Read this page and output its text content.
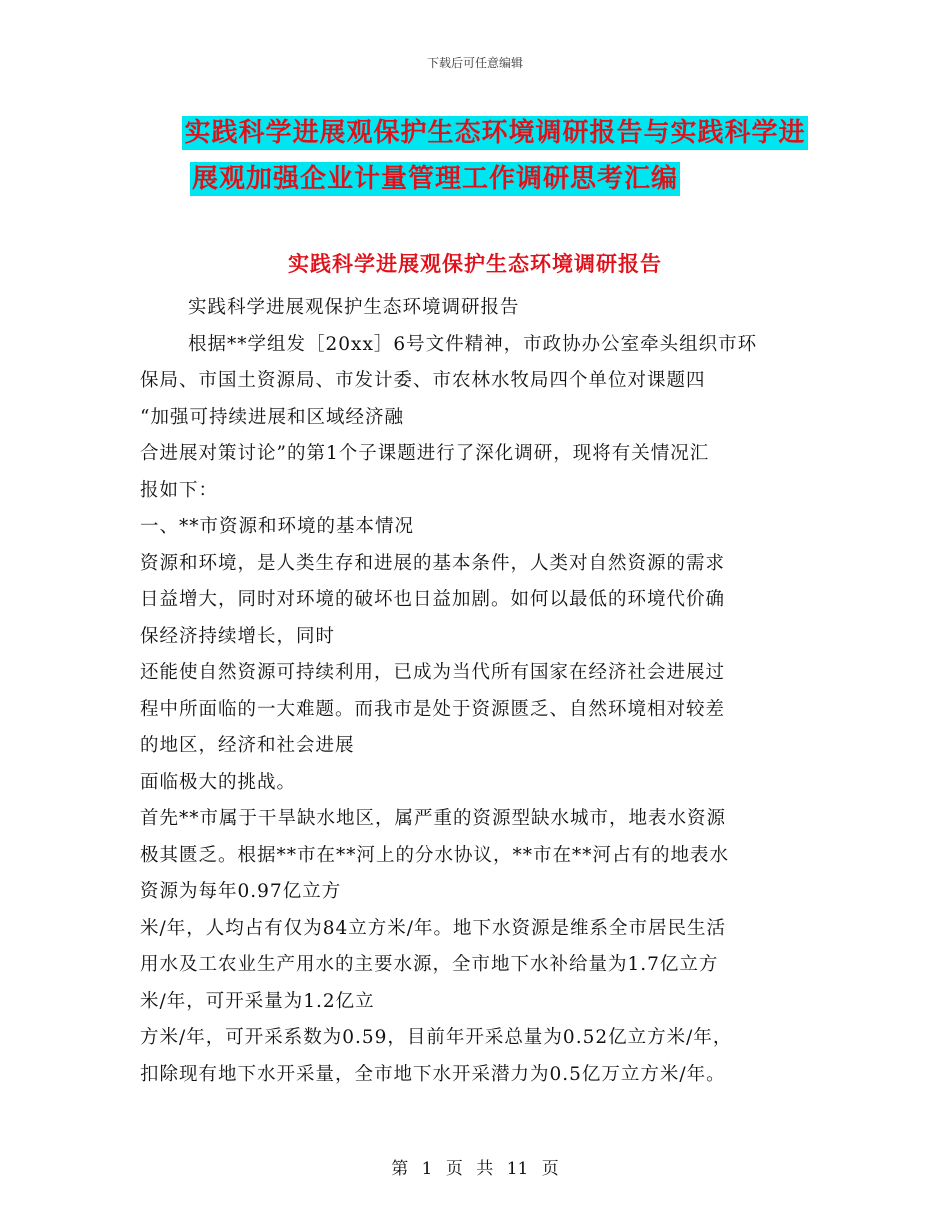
下载后可任意编辑
实践科学进展观保护生态环境调研报告与实践科学进
展观加强企业计量管理工作调研思考汇编
实践科学进展观保护生态环境调研报告
实践科学进展观保护生态环境调研报告
根据**学组发［20xx］6号文件精神，市政协办公室牵头组织市环
保局、市国土资源局、市发计委、市农林水牧局四个单位对课题四
“加强可持续进展和区域经济融
合进展对策讨论”的第1个子课题进行了深化调研，现将有关情况汇
报如下：
一、**市资源和环境的基本情况
资源和环境，是人类生存和进展的基本条件，人类对自然资源的需求
日益增大，同时对环境的破坏也日益加剧。如何以最低的环境代价确
保经济持续增长，同时
还能使自然资源可持续利用，已成为当代所有国家在经济社会进展过
程中所面临的一大难题。而我市是处于资源匮乏、自然环境相对较差
的地区，经济和社会进展
面临极大的挑战。
首先**市属于干旱缺水地区，属严重的资源型缺水城市，地表水资源
极其匮乏。根据**市在**河上的分水协议，**市在**河占有的地表水
资源为每年0.97亿立方
米/年，人均占有仅为84立方米/年。地下水资源是维系全市居民生活
用水及工农业生产用水的主要水源，全市地下水补给量为1.7亿立方
米/年，可开采量为1.2亿立
方米/年，可开采系数为0.59，目前年开采总量为0.52亿立方米/年，
扣除现有地下水开采量，全市地下水开采潜力为0.5亿万立方米/年。
第 1 页 共 11 页
